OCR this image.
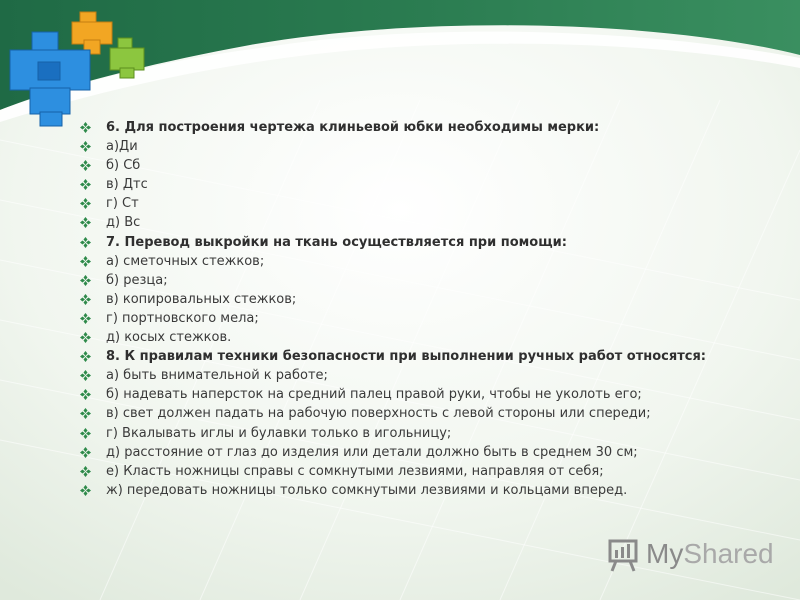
6. Для построения чертежа клиньевой юбки необходимы мерки:
а)Ди
б) Сб
в) Дтс
г) Ст
д) Вс
7. Перевод выкройки на ткань осуществляется при помощи:
а) сметочных стежков;
б) резца;
в) копировальных стежков;
г) портновского мела;
д) косых стежков.
8. К правилам техники безопасности при выполнении ручных работ относятся:
а) быть внимательной к работе;
б) надевать наперсток на средний палец правой руки, чтобы не уколоть его;
в) свет должен падать на рабочую поверхность с левой стороны или спереди;
г) Вкалывать иглы и булавки только в игольницу;
д) расстояние от глаз до изделия или детали должно быть в среднем 30 см;
е) Класть ножницы справы с сомкнутыми лезвиями, направляя от себя;
ж) передовать ножницы только сомкнутыми лезвиями и кольцами вперед.
MyShared
